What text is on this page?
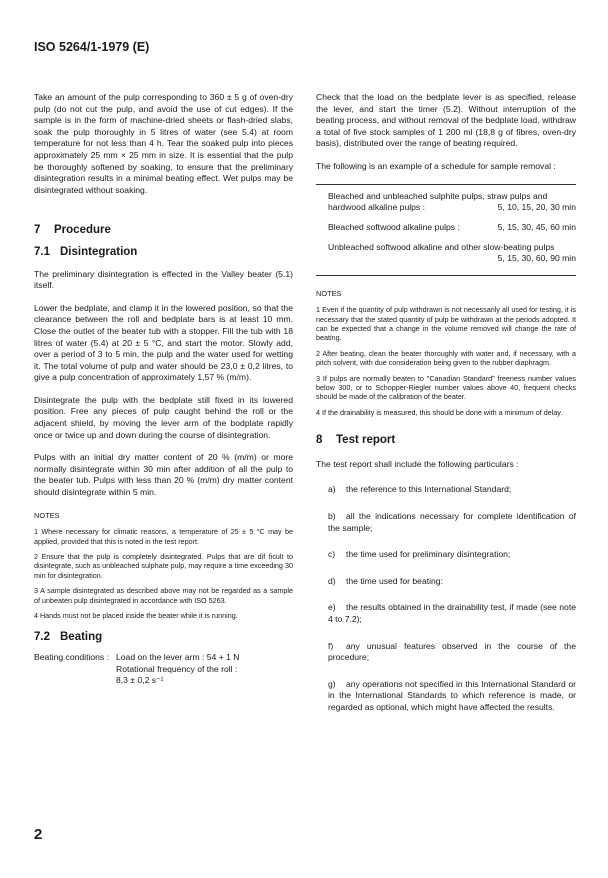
ISO 5264/1-1979 (E)

Take an amount of the pulp corresponding to 360 ± 5 g of oven-dry pulp (do not cut the pulp, and avoid the use of cut edges). If the sample is in the form of machine-dried sheets or flash-dried slabs, soak the pulp thoroughly in 5 litres of water (see 5.4) at room temperature for not less than 4 h. Tear the soaked pulp into pieces approximately 25 mm × 25 mm in size. It is essential that the pulp be thoroughly softened by soaking, to ensure that the preliminary disintegration results in a minimal beating effect. Wet pulps may be disintegrated without soaking.

7 Procedure
7.1 Disintegration

The preliminary disintegration is effected in the Valley beater (5.1) itself.

Lower the bedplate, and clamp it in the lowered position, so that the clearance between the roll and bedplate bars is at least 10 mm. Close the outlet of the beater tub with a stopper. Fill the tub with 18 litres of water (5.4) at 20 ± 5 °C, and start the motor. Slowly add, over a period of 3 to 5 min, the pulp and the water used for wetting it. The total volume of pulp and water should be 23,0 ± 0,2 litres, to give a pulp concentration of approximately 1,57 % (m/m).

Disintegrate the pulp with the bedplate still fixed in its lowered position. Free any pieces of pulp caught behind the roll or the adjacent shield, by moving the lever arm of the bodplate rapidly once or twice up and down during the course of disintegration.

Pulps with an initial dry matter content of 20 % (m/m) or more normally disintegrate within 30 min after addition of all the pulp to the beater tub. Pulps with less than 20 % (m/m) dry matter content should disintegrate within 5 min.

NOTES
1 Where necessary for climatic reasons, a temperature of 25 ± 5 °C may be applied, provided that this is noted in the test report.
2 Ensure that the pulp is completely disintegrated. Pulps that are dif ficult to disintegrate, such as unbleached sulphate pulp, may require a time exceeding 30 min for disintegration.
3 A sample disintegrated as described above may not be regarded as a sample of unbeaten pulp disintegrated in accordance with ISO 5263.
4 Hands must not be placed inside the beater while it is running.
7.2 Beating
Beating conditions : Load on the lever arm : 54 + 1 N
Rotational frequency of the roll :
8,3 ± 0,2 s⁻¹

Check that the load on the bedplate lever is as specified, release the lever, and start the timer (5.2). Without interruption of the beating process, and without removal of the bedplate load, withdraw a total of five stock samples of 1 200 ml (18,8 g of fibres, oven-dry basis), distributed over the range of beating required.

The following is an example of a schedule for sample removal :

Bleached and unbleached sulphite pulps, straw pulps and hardwood alkaline pulps :	5, 10, 15, 20, 30 min
Bleached softwood alkaline pulps :	5, 15, 30, 45, 60 min
Unbleached softwood alkaline and other slow-beating pulps
5, 15, 30, 60, 90 min
NOTES
1 Even if the quantity of pulp withdrawn is not necessarily all used for testing, it is necessary that the stated quantity of pulp be withdrawn at the periods adopted. It can be expected that a change in the volume removed will change the rate of beating.
2 After beating, clean the beater thoroughly with water and, if necessary, with a pitch solvent, with due consideration being given to the rubber diaphragm.
3 If pulps are normally beaten to "Canadian Standard" freeness number values below 300, or to Schopper-Riegler number values above 40, frequent checks should be made of the calibration of the beater.
4 If the drainability is measured, this should be done with a minimum of delay.
8 Test report

The test report shall include the following particulars :

a) the reference to this International Standard;
b) all the indications necessary for complete identification of the sample;
c) the time used for preliminary disintegration;
d) the time used for beating:
e) the results obtained in the drainability test, if made (see note 4 to 7.2);
f) any unusual features observed in the course of the procedure;
g) any operations not specified in this International Standard or in the International Standards to which reference is made, or regarded as optional, which might have affected the results.
2
